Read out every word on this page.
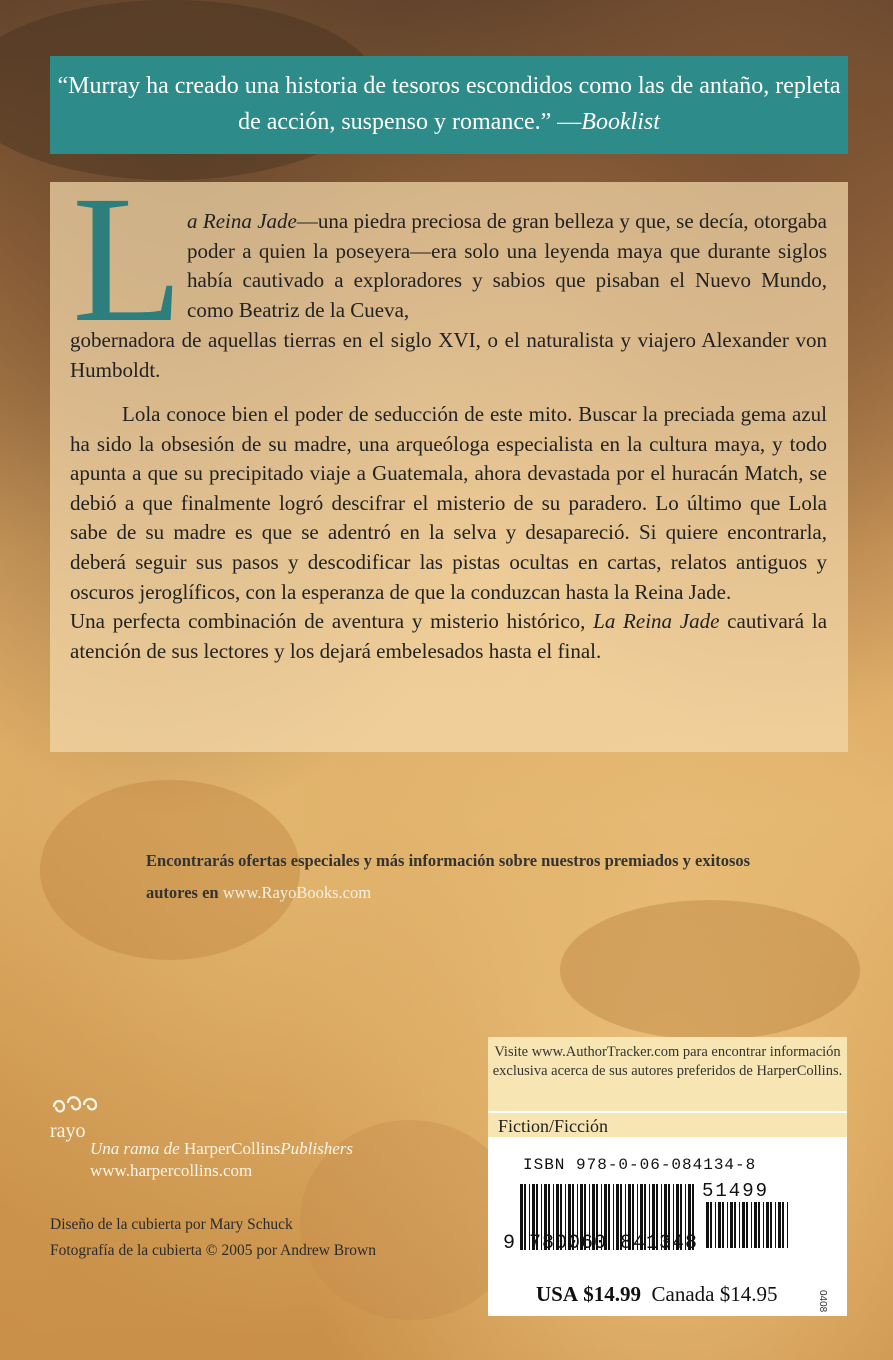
“Murray ha creado una historia de tesoros escondidos como las de antaño, repleta de acción, suspenso y romance.” —Booklist
L a Reina Jade—una piedra preciosa de gran belleza y que, se decía, otorgaba poder a quien la poseyera—era solo una leyenda maya que durante siglos había cautivado a exploradores y sabios que pisaban el Nuevo Mundo, como Beatriz de la Cueva,

gobernadora de aquellas tierras en el siglo XVI, o el naturalista y viajero Alexander von Humboldt.

Lola conoce bien el poder de seducción de este mito. Buscar la preciada gema azul ha sido la obsesión de su madre, una arqueóloga especialista en la cultura maya, y todo apunta a que su precipitado viaje a Guatemala, ahora devastada por el huracán Match, se debió a que finalmente logró descifrar el misterio de su paradero. Lo último que Lola sabe de su madre es que se adentró en la selva y desapareció. Si quiere encontrarla, deberá seguir sus pasos y descodificar las pistas ocultas en cartas, relatos antiguos y oscuros jeroglíficos, con la esperanza de que la conduzcan hasta la Reina Jade.
Una perfecta combinación de aventura y misterio histórico, La Reina Jade cautivará la atención de sus lectores y los dejará embelesados hasta el final.
Encontrarás ofertas especiales y más información sobre nuestros premiados y exitosos autores en www.RayoBooks.com
rayo
Una rama de HarperCollinsPublishers
www.harpercollins.com
Diseño de la cubierta por Mary Schuck
Fotografía de la cubierta © 2005 por Andrew Brown
Visite www.AuthorTracker.com para encontrar información exclusiva acerca de sus autores preferidos de HarperCollins.
Fiction/Ficción
ISBN 978-0-06-084134-8
51499
9 780060 841348
USA $14.99 Canada $14.95	0408
